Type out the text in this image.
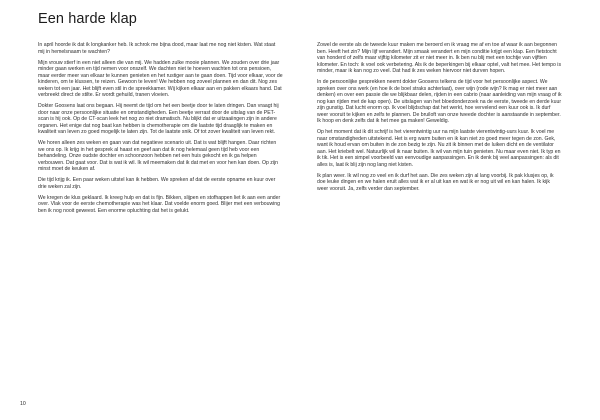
Een harde klap

In april hoorde ik dat ik longkanker heb. Ik schrok me bijna dood, maar laat me nog niet kisten. Wat staat mij in hemelsnaam te wachten?

Mijn vrouw stierf in een niet alleen die van mij. We hadden zulke mooie plannen. We zouden over drie jaar minder gaan werken en tijd nemen voor onszelf. We dachten niet te hoeven wachten tot ons pensioen, maar eerder meer van elkaar te kunnen genieten en het rustiger aan te gaan doen. Tijd voor elkaar, voor de kinderen, om te klussen, te reizen. Gewoon te leven! We hebben nog zoveel plannen en dan dit. Nog zes weken tot een jaar. Het blijft even stil in de spreekkamer. Wij kijken elkaar aan en pakken elkaars hand. Dat verbreekt direct de stilte. Er wordt gehuild, tranen vloeien.

Dokter Goosens laat ons begaan. Hij neemt de tijd om het een beetje door te laten dringen. Dan vraagt hij door naar onze persoonlijke situatie en omstandigheden. Een beetje verrast door de uitslag van de PET-scan is hij ook. Op de CT-scan leek het nog zo niet dramatisch. Nu blijkt dat er uitzaaiingen zijn in andere organen. Het enige dat nog baat kan hebben is chemotherapie om die laatste tijd draaglijk te maken en kwaliteit van leven zo goed mogelijk te laten zijn. Tot de laatste snik. Of tot zover kwaliteit van leven rekt.

We horen alleen zes weken en gaan van dat negatieve scenario uit. Dat is wat blijft hangen. Daar richten we ons op. Ik krijg in het gesprek al haast en geef aan dat ik nog helemaal geen tijd heb voor een behandeling. Onze oudste dochter en schoonzoon hebben net een huis gekocht en ik ga helpen verbouwen. Dat gaat voor. Dat is wat ik wil. Ik wil meemaken dat ik dat met en voor hen kan doen. Op zijn minst moet de keuken af.

Die tijd krijg ik. Een paar weken uitstel kan ik hebben. We spreken af dat de eerste opname en kuur over drie weken zal zijn.

We kregen de klus geklaard. Ik kreeg hulp en dat is fijn. Bikken, slijpen en stofhappen liet ik aan een ander over. Vlak voor de eerste chemotherapie was het klaar. Dat voelde enorm goed. Blijer met een verbouwing ben ik nog nooit geweest. Een enorme opluchting dat het is gelukt.

Zowel de eerste als de tweede kuur maken me beroerd en ik vraag me af en toe af waar ik aan begonnen ben. Heeft het zin? Mijn lijf verandert. Mijn smaak verandert en mijn conditie krijgt een klap. Een fietstocht van honderd of zelfs maar vijftig kilometer zit er niet meer in. Ik ben nu blij met een tochtje van vijftien kilometer. En toch: ik voel ook verbetering. Als ik de beperkingen bij elkaar optel, valt het mee. Het tempo is minder, maar ik kan nog zo veel. Dat had ik zes weken hiervoor niet durven hopen.

In de persoonlijke gesprekken neemt dokter Goosens telkens de tijd voor het persoonlijke aspect. We spreken over ons werk (en hoe ik de boel straks achterlaat), over wijn (rode wijn? Ik mag er niet meer aan denken) en over een passie die we blijkbaar delen, rijden in een cabrio (naar aanleiding van mijn vraag of ik nog kan rijden met de kap open). De uitslagen van het bloedonderzoek na de eerste, tweede en derde kuur zijn gunstig. Dat lucht enorm op. Ik voel blijdschap dat het werkt, hoe vervelend een kuur ook is. Ik durf weer vooruit te kijken en zelfs te plannen. De bruiloft van onze tweede dochter is aanstaande in september. Ik hoop en denk zelfs dat ik het mee ga maken! Geweldig.

Op het moment dat ik dit schrijf is het vierentwintig uur na mijn laatste vierentwintig-uurs kuur. Ik voel me naar omstandigheden uitstekend. Het is erg warm buiten en ik kan niet zo goed meer tegen de zon. Gek, want ik houd ervan om buiten in de zon bezig te zijn. Nu zit ik binnen met de luiken dicht en de ventilator aan. Het kriebelt wel. Natuurlijk wil ik naar buiten. Ik wil van mijn tuin genieten. Nu maar even niet. Ik typ en ik tik. Het is een simpel voorbeeld van eenvoudige aanpassingen. En ik denk bij veel aanpassingen: als dit alles is, laat ik blij zijn nog lang niet kisten.

Ik plan weer. Ik wil nog zo veel en ik durf het aan. Die zes weken zijn al lang voorbij. Ik pak klusjes op, ik doe leuke dingen en we halen eruit alles wat ik er al uit kan en wat ik er nog uit wil en kan halen. Ik kijk weer vooruit. Ja, zelfs verder dan september.

10
